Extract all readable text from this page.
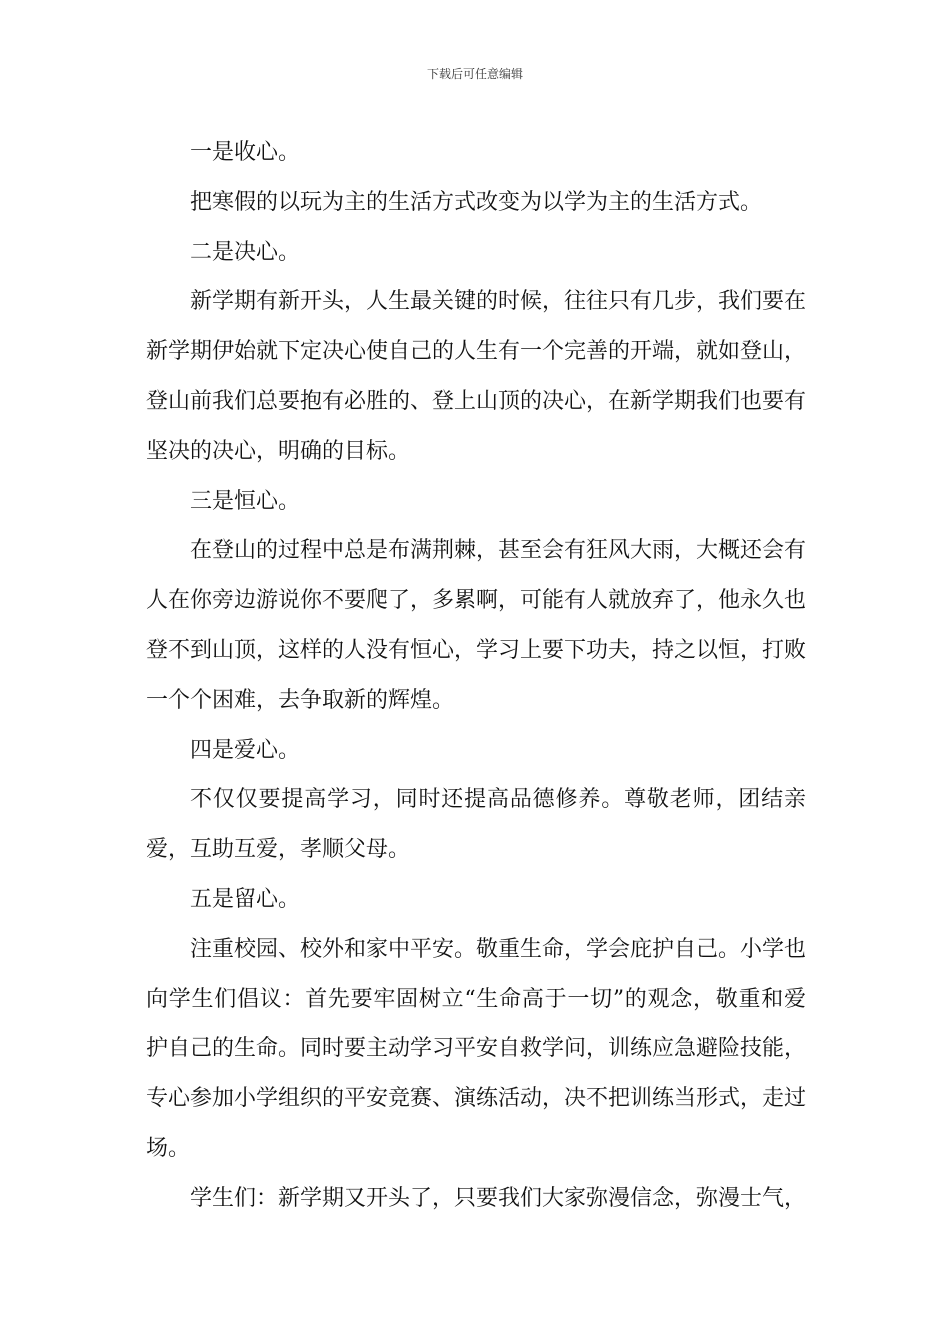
下载后可任意编辑

一是收心。

把寒假的以玩为主的生活方式改变为以学为主的生活方式。

二是决心。

新学期有新开头，人生最关键的时候，往往只有几步，我们要在新学期伊始就下定决心使自己的人生有一个完善的开端，就如登山，登山前我们总要抱有必胜的、登上山顶的决心，在新学期我们也要有坚决的决心，明确的目标。

三是恒心。

在登山的过程中总是布满荆棘，甚至会有狂风大雨，大概还会有人在你旁边游说你不要爬了，多累啊，可能有人就放弃了，他永久也登不到山顶，这样的人没有恒心，学习上要下功夫，持之以恒，打败一个个困难，去争取新的辉煌。

四是爱心。

不仅仅要提高学习，同时还提高品德修养。尊敬老师，团结亲爱，互助互爱，孝顺父母。

五是留心。

注重校园、校外和家中平安。敬重生命，学会庇护自己。小学也向学生们倡议：首先要牢固树立“生命高于一切”的观念，敬重和爱护自己的生命。同时要主动学习平安自救学问，训练应急避险技能，专心参加小学组织的平安竞赛、演练活动，决不把训练当形式，走过场。

学生们：新学期又开头了，只要我们大家弥漫信念，弥漫士气，
